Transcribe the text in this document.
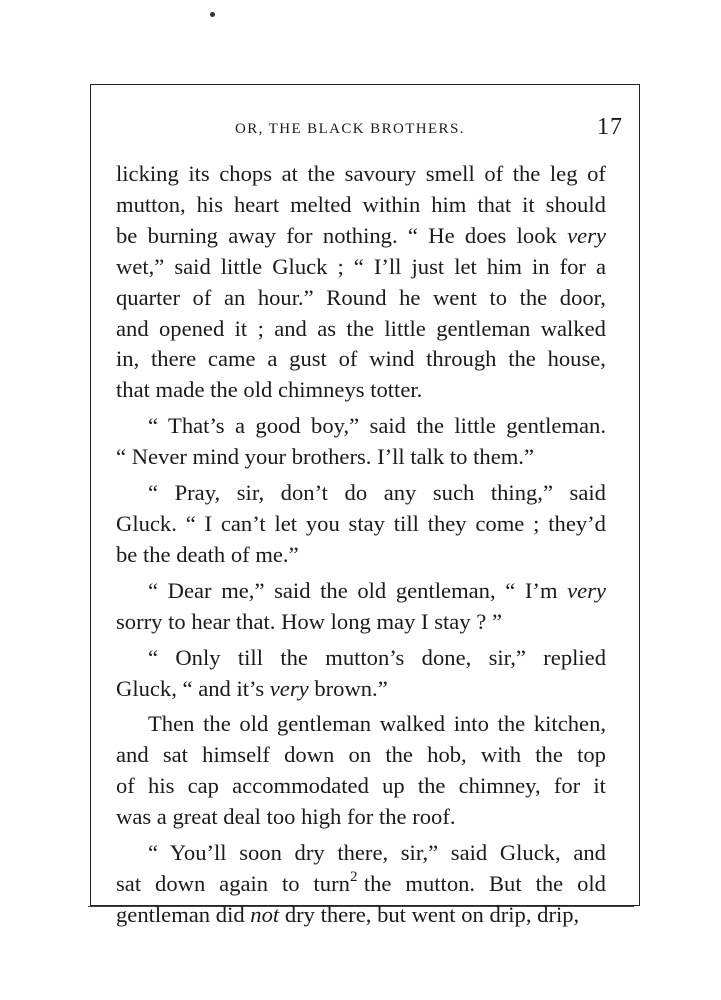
OR, THE BLACK BROTHERS.	17
licking its chops at the savoury smell of the leg of
mutton, his heart melted within him that it should
be burning away for nothing. “ He does look very
wet,” said little Gluck ; “ I’ll just let him in for a
quarter of an hour.” Round he went to the door,
and opened it ; and as the little gentleman walked
in, there came a gust of wind through the house,
that made the old chimneys totter.
“ That’s a good boy,” said the little gentleman.
“ Never mind your brothers. I’ll talk to them.”
“ Pray, sir, don’t do any such thing,” said
Gluck. “ I can’t let you stay till they come ; they’d
be the death of me.”
“ Dear me,” said the old gentleman, “ I’m very
sorry to hear that. How long may I stay ? ”
“ Only till the mutton’s done, sir,” replied
Gluck, “ and it’s very brown.”
Then the old gentleman walked into the kitchen,
and sat himself down on the hob, with the top
of his cap accommodated up the chimney, for it
was a great deal too high for the roof.
“ You’ll soon dry there, sir,” said Gluck, and
sat down again to turn the mutton. But the old
gentleman did not dry there, but went on drip, drip,
2
